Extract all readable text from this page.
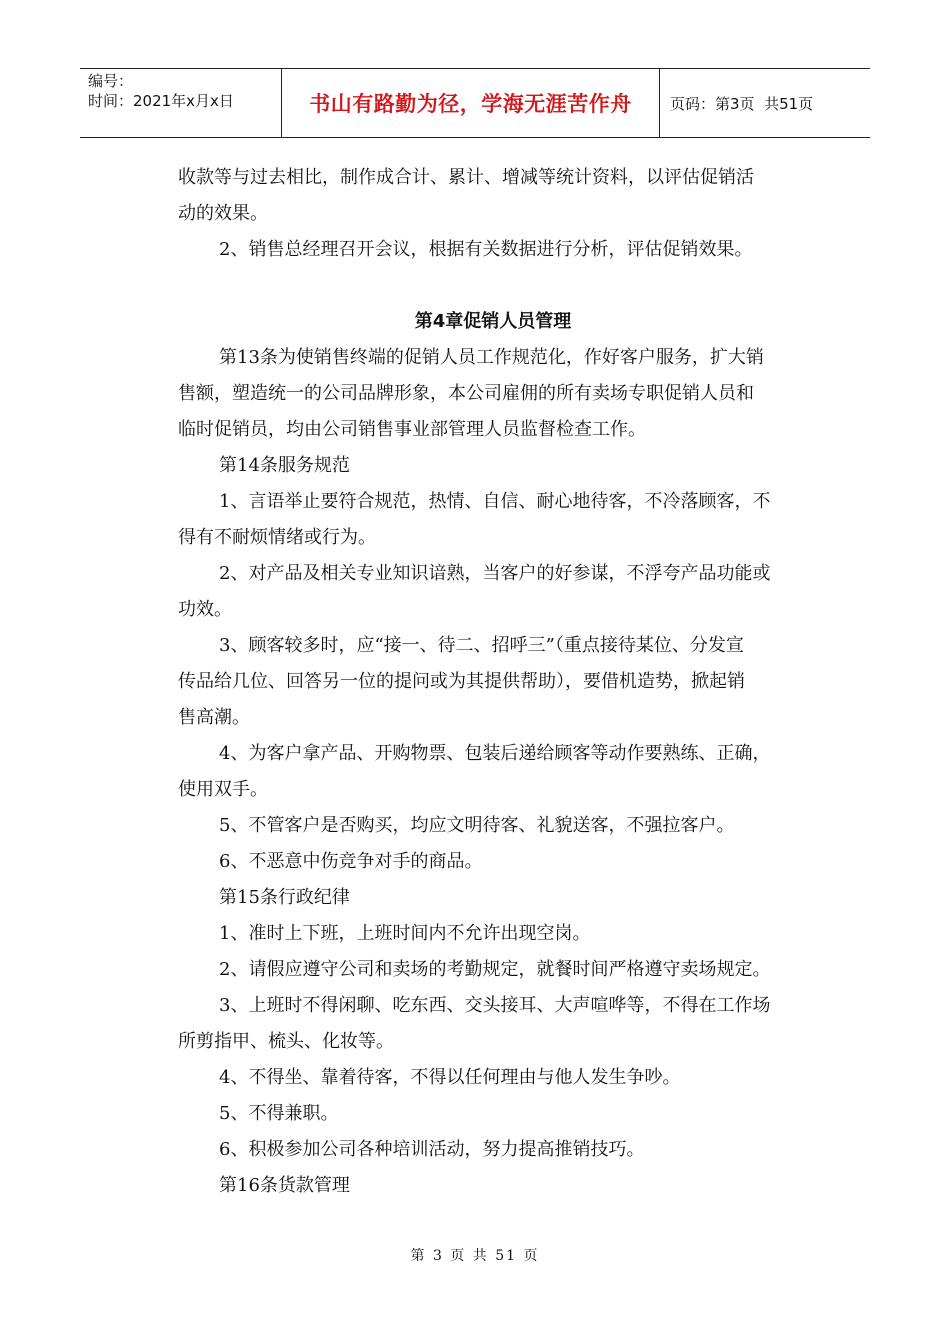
编号：
时间：2021年x月x日	书山有路勤为径，学海无涯苦作舟	页码：第3页  共51页

收款等与过去相比，制作成合计、累计、增减等统计资料，以评估促销活

动的效果。

2、销售总经理召开会议，根据有关数据进行分析，评估促销效果。

第4章促销人员管理

第13条为使销售终端的促销人员工作规范化，作好客户服务，扩大销

售额，塑造统一的公司品牌形象，本公司雇佣的所有卖场专职促销人员和

临时促销员，均由公司销售事业部管理人员监督检查工作。

第14条服务规范

1、言语举止要符合规范，热情、自信、耐心地待客，不冷落顾客，不

得有不耐烦情绪或行为。

2、对产品及相关专业知识谙熟，当客户的好参谋，不浮夸产品功能或

功效。

3、顾客较多时，应“接一、待二、招呼三”（重点接待某位、分发宣

传品给几位、回答另一位的提问或为其提供帮助），要借机造势，掀起销

售高潮。

4、为客户拿产品、开购物票、包装后递给顾客等动作要熟练、正确，

使用双手。

5、不管客户是否购买，均应文明待客、礼貌送客，不强拉客户。

6、不恶意中伤竞争对手的商品。

第15条行政纪律

1、准时上下班，上班时间内不允许出现空岗。

2、请假应遵守公司和卖场的考勤规定，就餐时间严格遵守卖场规定。

3、上班时不得闲聊、吃东西、交头接耳、大声喧哗等，不得在工作场

所剪指甲、梳头、化妆等。

4、不得坐、靠着待客，不得以任何理由与他人发生争吵。

5、不得兼职。

6、积极参加公司各种培训活动，努力提高推销技巧。

第16条货款管理

第 3 页 共 51 页
